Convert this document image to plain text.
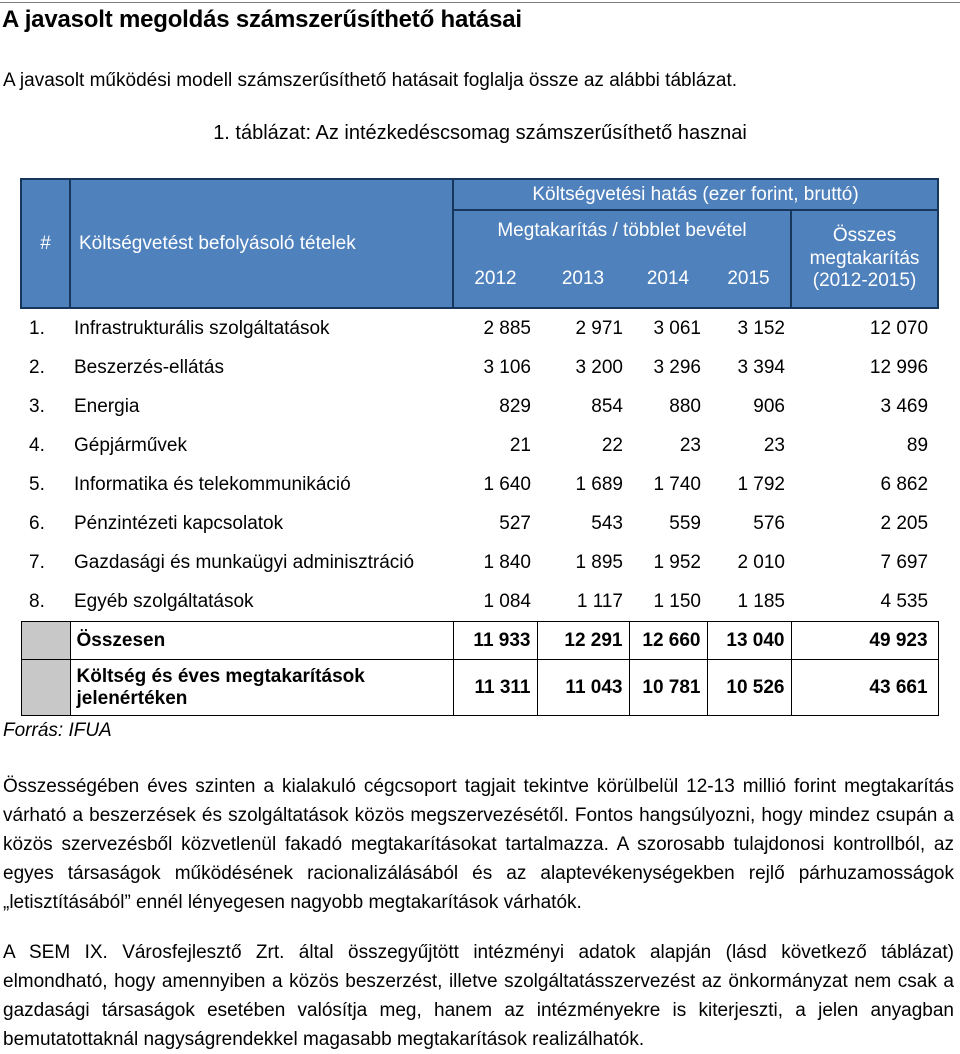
A javasolt megoldás számszerűsíthető hatásai
A javasolt működési modell számszerűsíthető hatásait foglalja össze az alábbi táblázat.
1. táblázat: Az intézkedéscsomag számszerűsíthető hasznai
#	Költségvetést befolyásoló tételek	Költségvetési hatás (ezer forint, bruttó)				
		Megtakarítás / többlet bevétel				Összes
megtakarítás
(2012-2015)
		2012	2013	2014	2015	
1.	Infrastrukturális szolgáltatások	2 885	2 971	3 061	3 152	12 070
2.	Beszerzés-ellátás	3 106	3 200	3 296	3 394	12 996
3.	Energia	829	854	880	906	3 469
4.	Gépjárművek	21	22	23	23	89
5.	Informatika és telekommunikáció	1 640	1 689	1 740	1 792	6 862
6.	Pénzintézeti kapcsolatok	527	543	559	576	2 205
7.	Gazdasági és munkaügyi adminisztráció	1 840	1 895	1 952	2 010	7 697
8.	Egyéb szolgáltatások	1 084	1 117	1 150	1 185	4 535
	Összesen	11 933	12 291	12 660	13 040	49 923
	Költség és éves megtakarítások jelenértéken	11 311	11 043	10 781	10 526	43 661
Forrás: IFUA

Összességében éves szinten a kialakuló cégcsoport tagjait tekintve körülbelül 12-13 millió forint megtakarítás várható a beszerzések és szolgáltatások közös megszervezésétől. Fontos hangsúlyozni, hogy mindez csupán a közös szervezésből közvetlenül fakadó megtakarításokat tartalmazza. A szorosabb tulajdonosi kontrollból, az egyes társaságok működésének racionalizálásából és az alaptevékenységekben rejlő párhuzamosságok „letisztításából” ennél lényegesen nagyobb megtakarítások várhatók.

A SEM IX. Városfejlesztő Zrt. által összegyűjtött intézményi adatok alapján (lásd következő táblázat) elmondható, hogy amennyiben a közös beszerzést, illetve szolgáltatásszervezést az önkormányzat nem csak a gazdasági társaságok esetében valósítja meg, hanem az intézményekre is kiterjeszti, a jelen anyagban bemutatottaknál nagyságrendekkel magasabb megtakarítások realizálhatók.
